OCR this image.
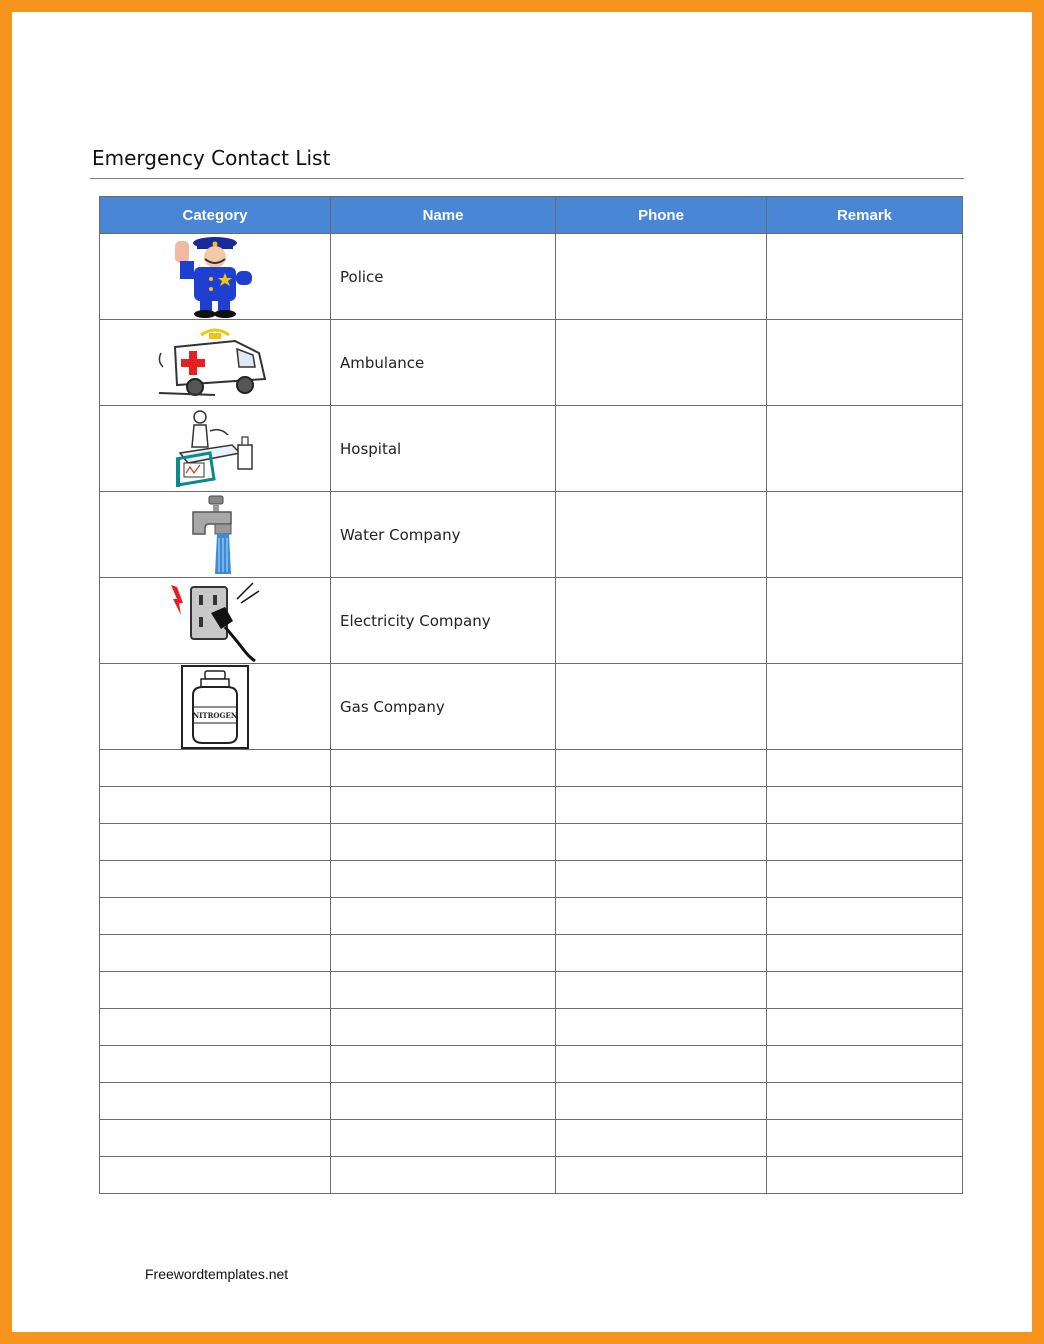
Emergency Contact List
Category	Name	Phone	Remark

	Police		

	Ambulance		

	Hospital		

	Water Company		

	Electricity Company		

NITROGEN	Gas Company		

Freewordtemplates.net
